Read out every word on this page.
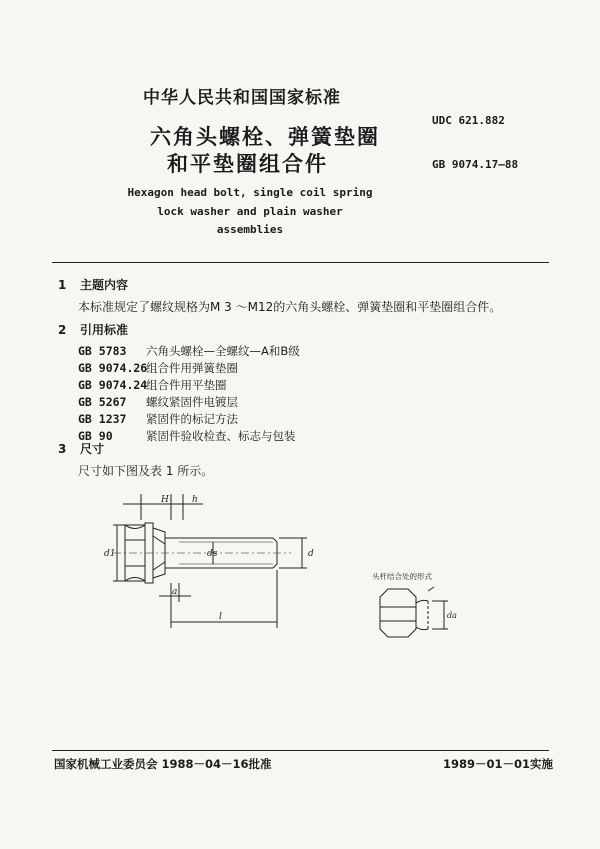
中华人民共和国国家标准
UDC 621.882
GB 9074.17—88
六角头螺栓、弹簧垫圈
和平垫圈组合件
Hexagon head bolt, single coil spring
lock washer and plain washer
assemblies
1 主题内容
本标准规定了螺纹规格为M 3 ～M12的六角头螺栓、弹簧垫圈和平垫圈组合件。
2 引用标准
GB 5783 六角头螺栓—全螺纹—A和B级
GB 9074.26组合件用弹簧垫圈
GB 9074.24组合件用平垫圈
GB 5267 螺纹紧固件电镀层
GB 1237 紧固件的标记方法
GB 90	紧固件验收检查、标志与包装
3 尺寸
尺寸如下图及表 1 所示。
H	h
d1	ds	d
a
l
头杆结合处的形式
da
国家机械工业委员会 1988－04－16批准	1989－01－01实施
